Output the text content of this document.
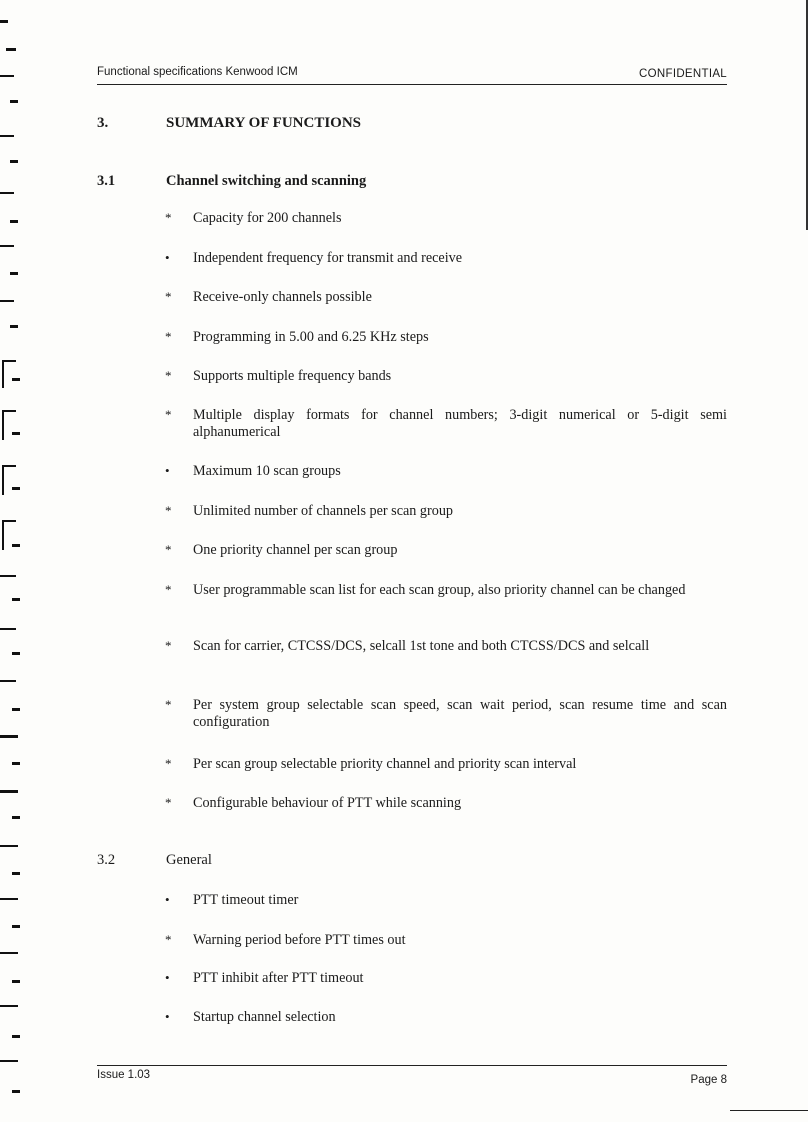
Functional specifications Kenwood ICM	CONFIDENTIAL
3.	SUMMARY OF FUNCTIONS
3.1	Channel switching and scanning
* Capacity for 200 channels
• Independent frequency for transmit and receive
* Receive-only channels possible
* Programming in 5.00 and 6.25 KHz steps
* Supports multiple frequency bands
* Multiple display formats for channel numbers; 3-digit numerical or 5-digit semi alphanumerical
• Maximum 10 scan groups
* Unlimited number of channels per scan group
* One priority channel per scan group
* User programmable scan list for each scan group, also priority channel can be changed
* Scan for carrier, CTCSS/DCS, selcall 1st tone and both CTCSS/DCS and selcall
* Per system group selectable scan speed, scan wait period, scan resume time and scan configuration
* Per scan group selectable priority channel and priority scan interval
* Configurable behaviour of PTT while scanning
3.2	General
• PTT timeout timer
* Warning period before PTT times out
• PTT inhibit after PTT timeout
• Startup channel selection
Issue 1.03	Page 8
